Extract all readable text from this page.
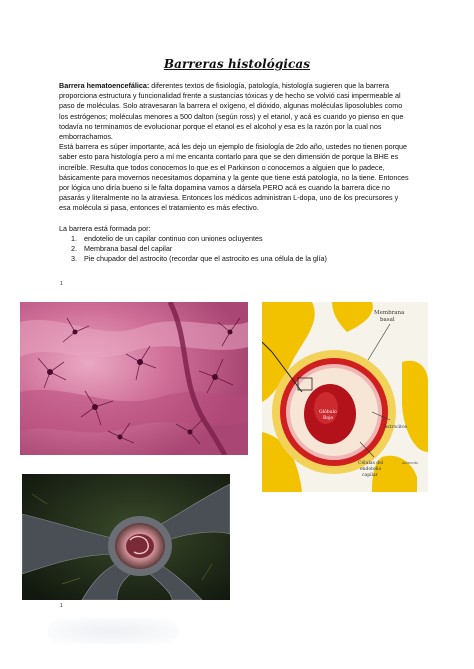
Barreras histológicas

Barrera hematoencefálica: diferentes textos de fisiología, patología, histología sugieren que la barrera proporciona estructura y funcionalidad frente a sustancias tóxicas y de hecho se volvió casi impermeable al paso de moléculas. Solo atravesaran la barrera el oxígeno, el dióxido, algunas moléculas liposolubles como los estrógenos; moléculas menores a 500 dalton (según ross) y el etanol, y acá es cuando yo pienso en que todavía no terminamos de evolucionar porque el etanol es el alcohol y esa es la razón por la cual nos emborrachamos.

Está barrera es súper importante, acá les dejo un ejemplo de fisiología de 2do año, ustedes no tienen porque saber esto para histología pero a mí me encanta contarlo para que se den dimensión de porque la BHE es increíble. Resulta que todos conocemos lo que es el Parkinson o conocemos a alguien que lo padece, básicamente para movernos necesitamos dopamina y la gente que tiene está patología, no la tiene. Entonces por lógica uno diría bueno si le falta dopamina vamos a dársela PERO acá es cuando la barrera dice no pasarás y literalmente no la atraviesa. Entonces los médicos administran L-dopa, uno de los precursores y esa molécula si pasa, entonces el tratamiento es más efectivo.

La barrera está formada por:

1. endotelio de un capilar continuo con uniones ocluyentes
2. Membrana basal del capilar
3. Pie chupador del astrocito (recordar que el astrocito es una célula de la glía)
1
Membrana
basal
Glóbulo
Rojo
Astrocitos
Células del
endotelio
capilar
Astrocito
1
